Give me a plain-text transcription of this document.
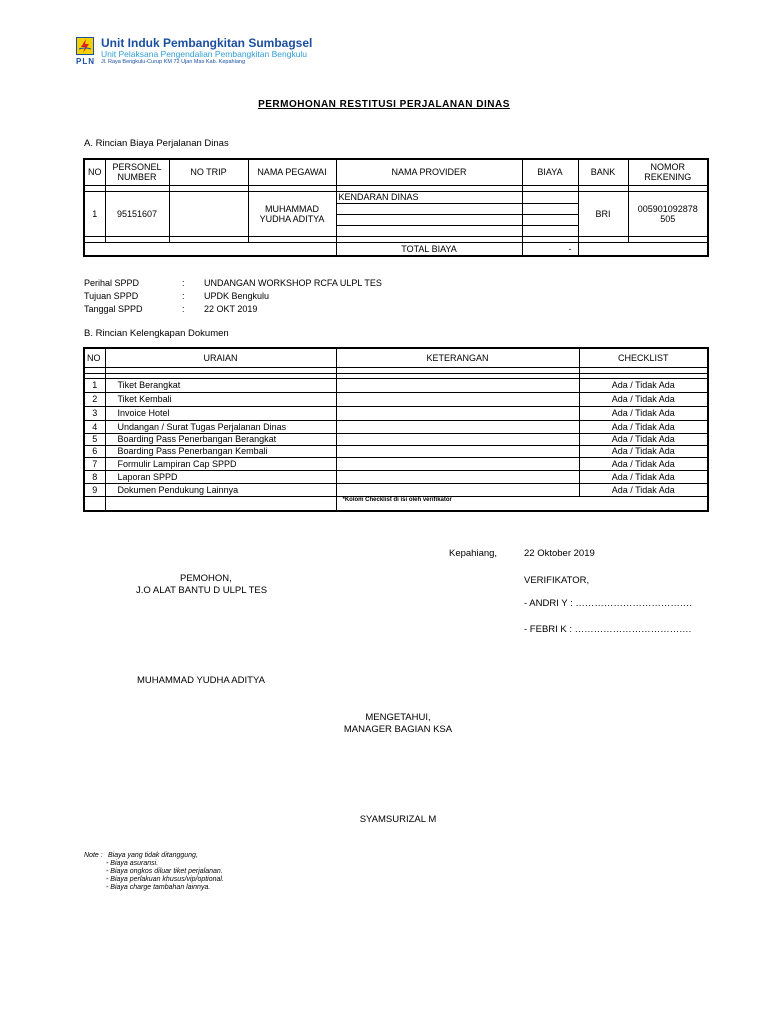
PLN
Unit Induk Pembangkitan Sumbagsel
Unit Pelaksana Pengendalian Pembangkitan Bengkulu
Jl. Raya Bengkulu-Curup KM 72 Ujan Mas Kab. Kepahiang
PERMOHONAN RESTITUSI PERJALANAN DINAS
A. Rincian Biaya Perjalanan Dinas
NO	PERSONEL NUMBER	NO TRIP	NAMA PEGAWAI	NAMA PROVIDER	BIAYA	BANK	NOMOR REKENING

1	95151607		MUHAMMAD YUDHA ADITYA	KENDARAN DINAS		BRI	005901092878 505

				TOTAL BIAYA	-		
Perihal SPPD	:	UNDANGAN WORKSHOP RCFA ULPL TES
Tujuan SPPD	:	UPDK Bengkulu
Tanggal SPPD	:	22 OKT 2019
B. Rincian Kelengkapan Dokumen
NO	URAIAN	KETERANGAN	CHECKLIST

1	Tiket Berangkat		Ada / Tidak Ada
2	Tiket Kembali		Ada / Tidak Ada
3	Invoice Hotel		Ada / Tidak Ada
4	Undangan / Surat Tugas Perjalanan Dinas		Ada / Tidak Ada
5	Boarding Pass Penerbangan Berangkat		Ada / Tidak Ada
6	Boarding Pass Penerbangan Kembali		Ada / Tidak Ada
7	Formulir Lampiran Cap SPPD		Ada / Tidak Ada
8	Laporan SPPD		Ada / Tidak Ada
9	Dokumen Pendukung Lainnya		Ada / Tidak Ada
		*Kolom Checklist di isi oleh verifikator	
Kepahiang,	22 Oktober 2019
PEMOHON,
J.O ALAT BANTU D ULPL TES
VERIFIKATOR,
- ANDRI Y : ……………………………….
- FEBRI K : ……………………………….
MUHAMMAD YUDHA ADITYA
MENGETAHUI,
MANAGER BAGIAN KSA
SYAMSURIZAL M
Note : Biaya yang tidak ditanggung,
- Biaya asuransi.
- Biaya ongkos diluar tiket perjalanan.
- Biaya perlakuan khusus/vip/optional.
- Biaya charge tambahan lainnya.
